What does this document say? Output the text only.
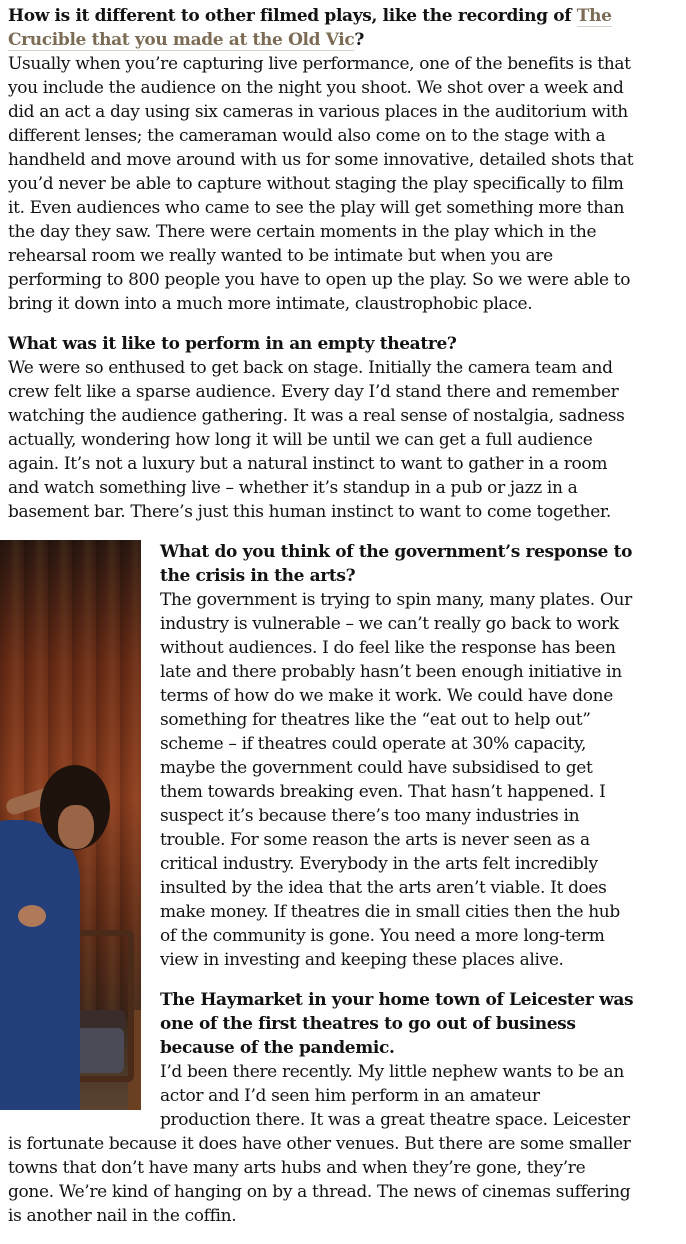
How is it different to other filmed plays, like the recording of The Crucible that you made at the Old Vic?

Usually when you’re capturing live performance, one of the benefits is that you include the audience on the night you shoot. We shot over a week and did an act a day using six cameras in various places in the auditorium with different lenses; the cameraman would also come on to the stage with a handheld and move around with us for some innovative, detailed shots that you’d never be able to capture without staging the play specifically to film it. Even audiences who came to see the play will get something more than the day they saw. There were certain moments in the play which in the rehearsal room we really wanted to be intimate but when you are performing to 800 people you have to open up the play. So we were able to bring it down into a much more intimate, claustrophobic place.

What was it like to perform in an empty theatre?

We were so enthused to get back on stage. Initially the camera team and crew felt like a sparse audience. Every day I’d stand there and remember watching the audience gathering. It was a real sense of nostalgia, sadness actually, wondering how long it will be until we can get a full audience again. It’s not a luxury but a natural instinct to want to gather in a room and watch something live – whether it’s standup in a pub or jazz in a basement bar. There’s just this human instinct to want to come together.

What do you think of the government’s response to the crisis in the arts?

The government is trying to spin many, many plates. Our industry is vulnerable – we can’t really go back to work without audiences. I do feel like the response has been late and there probably hasn’t been enough initiative in terms of how do we make it work. We could have done something for theatres like the “eat out to help out” scheme – if theatres could operate at 30% capacity, maybe the government could have subsidised to get them towards breaking even. That hasn’t happened. I suspect it’s because there’s too many industries in trouble. For some reason the arts is never seen as a critical industry. Everybody in the arts felt incredibly insulted by the idea that the arts aren’t viable. It does make money. If theatres die in small cities then the hub of the community is gone. You need a more long-term view in investing and keeping these places alive.

The Haymarket in your home town of Leicester was one of the first theatres to go out of business because of the pandemic.

I’d been there recently. My little nephew wants to be an actor and I’d seen him perform in an amateur production there. It was a great theatre space. Leicester is fortunate because it does have other venues. But there are some smaller towns that don’t have many arts hubs and when they’re gone, they’re gone. We’re kind of hanging on by a thread. The news of cinemas suffering is another nail in the coffin.
